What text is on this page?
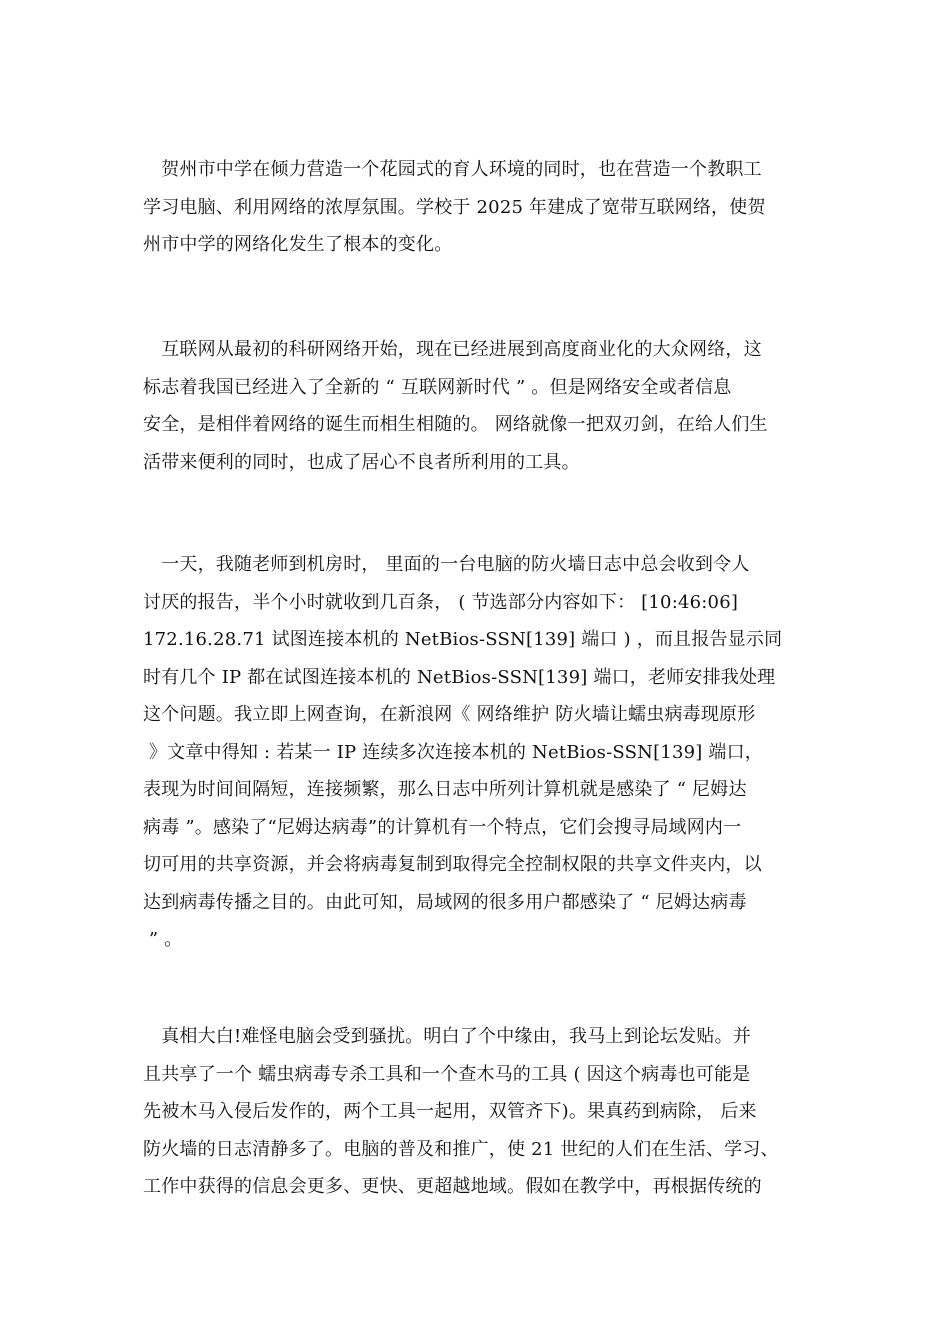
　贺州市中学在倾力营造一个花园式的育人环境的同时，也在营造一个教职工
学习电脑、利用网络的浓厚氛围。学校于 2025 年建成了宽带互联网络，使贺
州市中学的网络化发生了根本的变化。
　互联网从最初的科研网络开始，现在已经进展到高度商业化的大众网络，这
标志着我国已经进入了全新的 “ 互联网新时代 ” 。但是网络安全或者信息
安全，是相伴着网络的诞生而相生相随的。 网络就像一把双刃剑，在给人们生
活带来便利的同时，也成了居心不良者所利用的工具。
　一天，我随老师到机房时， 里面的一台电脑的防火墙日志中总会收到令人
讨厌的报告，半个小时就收到几百条， ( 节选部分内容如下： [10:46:06]
172.16.28.71 试图连接本机的 NetBios-SSN[139] 端口 ) ，而且报告显示同
时有几个 IP 都在试图连接本机的 NetBios-SSN[139] 端口，老师安排我处理
这个问题。我立即上网查询，在新浪网《 网络维护 防火墙让蠕虫病毒现原形
》文章中得知 : 若某一 IP 连续多次连接本机的 NetBios-SSN[139] 端口，
表现为时间间隔短，连接频繁，那么日志中所列计算机就是感染了 “ 尼姆达
病毒 ”。感染了“尼姆达病毒”的计算机有一个特点，它们会搜寻局域网内一
切可用的共享资源，并会将病毒复制到取得完全控制权限的共享文件夹内，以
达到病毒传播之目的。由此可知，局域网的很多用户都感染了 “ 尼姆达病毒
” 。
　真相大白!难怪电脑会受到骚扰。明白了个中缘由，我马上到论坛发贴。并
且共享了一个 蠕虫病毒专杀工具和一个查木马的工具 ( 因这个病毒也可能是
先被木马入侵后发作的，两个工具一起用，双管齐下)。果真药到病除， 后来
防火墙的日志清静多了。电脑的普及和推广，使 21 世纪的人们在生活、学习、
工作中获得的信息会更多、更快、更超越地域。假如在教学中，再根据传统的
